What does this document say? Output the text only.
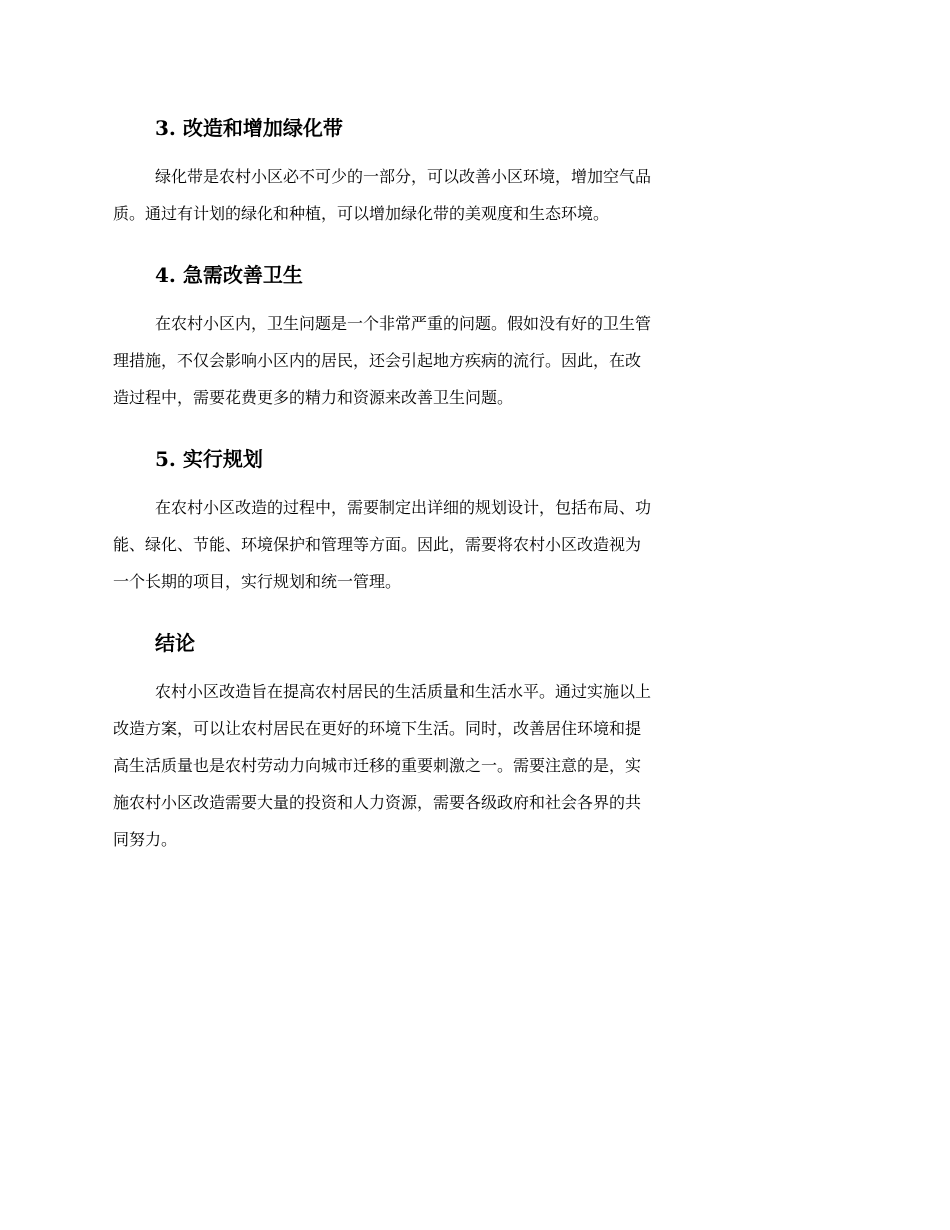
3. 改造和增加绿化带
绿化带是农村小区必不可少的一部分，可以改善小区环境，增加空气品
质。通过有计划的绿化和种植，可以增加绿化带的美观度和生态环境。
4. 急需改善卫生
在农村小区内，卫生问题是一个非常严重的问题。假如没有好的卫生管
理措施，不仅会影响小区内的居民，还会引起地方疾病的流行。因此，在改
造过程中，需要花费更多的精力和资源来改善卫生问题。
5. 实行规划
在农村小区改造的过程中，需要制定出详细的规划设计，包括布局、功
能、绿化、节能、环境保护和管理等方面。因此，需要将农村小区改造视为
一个长期的项目，实行规划和统一管理。
结论
农村小区改造旨在提高农村居民的生活质量和生活水平。通过实施以上
改造方案，可以让农村居民在更好的环境下生活。同时，改善居住环境和提
高生活质量也是农村劳动力向城市迁移的重要刺激之一。需要注意的是，实
施农村小区改造需要大量的投资和人力资源，需要各级政府和社会各界的共
同努力。
